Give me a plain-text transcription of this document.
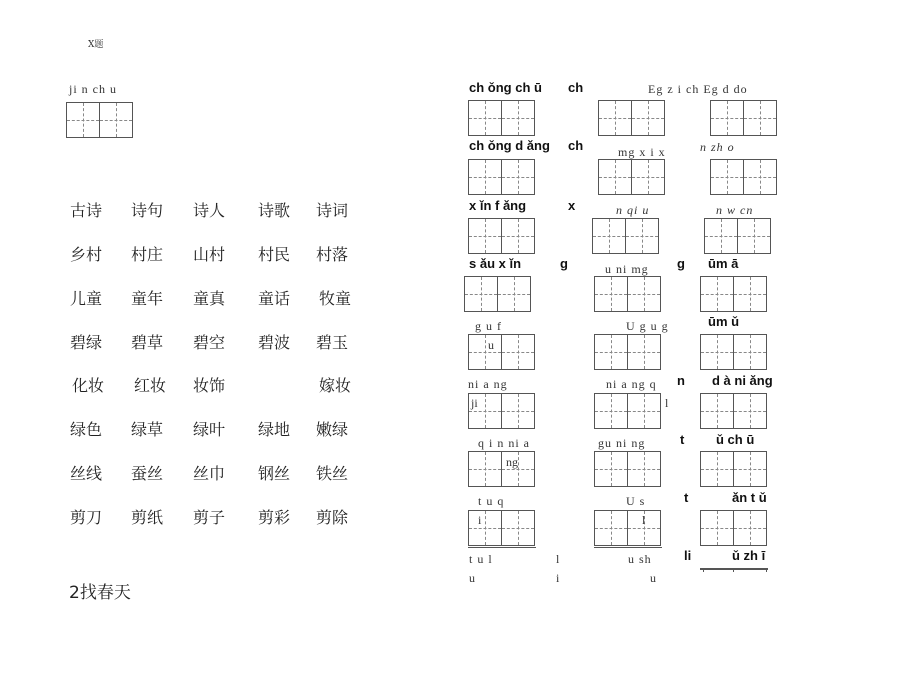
X题
ji n ch u
古诗 诗句 诗人 诗歌 诗词
乡村 村庄 山村 村民 村落
儿童 童年 童真 童话 牧童
碧绿 碧草 碧空 碧波 碧玉
化妆 红妆 妆饰	嫁妆
绿色 绿草 绿叶 绿地 嫩绿
丝线 蚕丝 丝巾 钢丝 铁丝
剪刀 剪纸 剪子 剪彩 剪除
2找春天
ch ǒng ch ū ch	Eg z i ch Eg d do
ch ǒng d ǎng ch	mg x i x	n zh o
x ǐn f ǎng	x	n qi u	n w cn
s ǎu x ǐn	g	u ni mg g ūm ā
g u f	U g u g	ūm ǔ
u
ni a ng	ni a ng q n d à ni ǎng
ji	l
q i n ni a	gu ni ng	t ǔ ch ū
ng
t u q	U s	t	ǎn t ǔ
i	l
t u l
u
l
i
u sh
u
li	ǔ zh ī
